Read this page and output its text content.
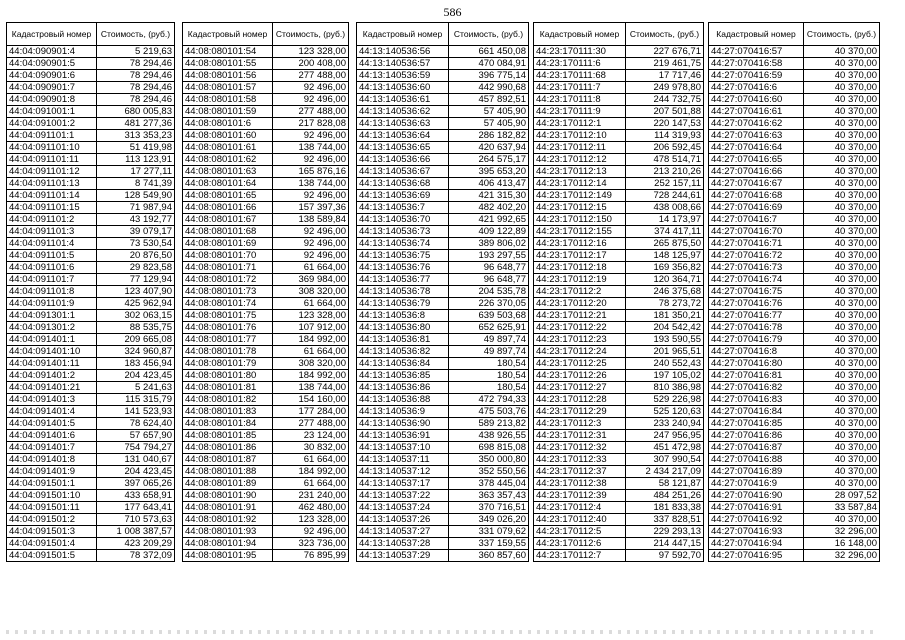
586
Кадастровый номер	Стоимость, (руб.)
44:04:090901:4	5 219,63
44:04:090901:5	78 294,46
44:04:090901:6	78 294,46
44:04:090901:7	78 294,46
44:04:090901:8	78 294,46
44:04:091001:1	680 005,83
44:04:091001:2	481 277,36
44:04:091101:1	313 353,23
44:04:091101:10	51 419,98
44:04:091101:11	113 123,91
44:04:091101:12	17 277,11
44:04:091101:13	8 741,39
44:04:091101:14	128 549,90
44:04:091101:15	71 987,94
44:04:091101:2	43 192,77
44:04:091101:3	39 079,17
44:04:091101:4	73 530,54
44:04:091101:5	20 876,50
44:04:091101:6	29 823,58
44:04:091101:7	77 129,94
44:04:091101:8	123 407,90
44:04:091101:9	425 962,94
44:04:091301:1	302 063,15
44:04:091301:2	88 535,75
44:04:091401:1	209 665,08
44:04:091401:10	324 960,87
44:04:091401:11	183 456,94
44:04:091401:2	204 423,45
44:04:091401:21	5 241,63
44:04:091401:3	115 315,79
44:04:091401:4	141 523,93
44:04:091401:5	78 624,40
44:04:091401:6	57 657,90
44:04:091401:7	754 794,27
44:04:091401:8	131 040,67
44:04:091401:9	204 423,45
44:04:091501:1	397 065,26
44:04:091501:10	433 658,91
44:04:091501:11	177 643,41
44:04:091501:2	710 573,63
44:04:091501:3	1 008 387,57
44:04:091501:4	423 209,29
44:04:091501:5	78 372,09
Кадастровый номер	Стоимость, (руб.)
44:08:080101:54	123 328,00
44:08:080101:55	200 408,00
44:08:080101:56	277 488,00
44:08:080101:57	92 496,00
44:08:080101:58	92 496,00
44:08:080101:59	277 488,00
44:08:080101:6	217 828,08
44:08:080101:60	92 496,00
44:08:080101:61	138 744,00
44:08:080101:62	92 496,00
44:08:080101:63	165 876,16
44:08:080101:64	138 744,00
44:08:080101:65	92 496,00
44:08:080101:66	157 397,36
44:08:080101:67	138 589,84
44:08:080101:68	92 496,00
44:08:080101:69	92 496,00
44:08:080101:70	92 496,00
44:08:080101:71	61 664,00
44:08:080101:72	369 984,00
44:08:080101:73	308 320,00
44:08:080101:74	61 664,00
44:08:080101:75	123 328,00
44:08:080101:76	107 912,00
44:08:080101:77	184 992,00
44:08:080101:78	61 664,00
44:08:080101:79	308 320,00
44:08:080101:80	184 992,00
44:08:080101:81	138 744,00
44:08:080101:82	154 160,00
44:08:080101:83	177 284,00
44:08:080101:84	277 488,00
44:08:080101:85	23 124,00
44:08:080101:86	30 832,00
44:08:080101:87	61 664,00
44:08:080101:88	184 992,00
44:08:080101:89	61 664,00
44:08:080101:90	231 240,00
44:08:080101:91	462 480,00
44:08:080101:92	123 328,00
44:08:080101:93	92 496,00
44:08:080101:94	323 736,00
44:08:080101:95	76 895,99
Кадастровый номер	Стоимость, (руб.)
44:13:140536:56	661 450,08
44:13:140536:57	470 084,91
44:13:140536:59	396 775,14
44:13:140536:60	442 990,68
44:13:140536:61	457 892,51
44:13:140536:62	57 405,90
44:13:140536:63	57 405,90
44:13:140536:64	286 182,82
44:13:140536:65	420 637,94
44:13:140536:66	264 575,17
44:13:140536:67	395 653,20
44:13:140536:68	406 413,47
44:13:140536:69	421 315,30
44:13:140536:7	482 402,20
44:13:140536:70	421 992,65
44:13:140536:73	409 122,89
44:13:140536:74	389 806,02
44:13:140536:75	193 297,55
44:13:140536:76	96 648,77
44:13:140536:77	96 648,77
44:13:140536:78	204 535,78
44:13:140536:79	226 370,05
44:13:140536:8	639 503,68
44:13:140536:80	652 625,91
44:13:140536:81	49 897,74
44:13:140536:82	49 897,74
44:13:140536:84	180,54
44:13:140536:85	180,54
44:13:140536:86	180,54
44:13:140536:88	472 794,33
44:13:140536:9	475 503,76
44:13:140536:90	589 213,82
44:13:140536:91	438 926,55
44:13:140537:10	698 815,08
44:13:140537:11	350 000,80
44:13:140537:12	352 550,56
44:13:140537:17	378 445,04
44:13:140537:22	363 357,43
44:13:140537:24	370 716,51
44:13:140537:26	349 026,20
44:13:140537:27	331 079,62
44:13:140537:28	337 159,55
44:13:140537:29	360 857,60
Кадастровый номер	Стоимость, (руб.)
44:23:170111:30	227 676,71
44:23:170111:6	219 461,75
44:23:170111:68	17 717,46
44:23:170111:7	249 978,80
44:23:170111:8	244 732,75
44:23:170111:9	207 501,88
44:23:170112:1	220 147,53
44:23:170112:10	114 319,93
44:23:170112:11	206 592,45
44:23:170112:12	478 514,71
44:23:170112:13	213 210,26
44:23:170112:14	252 157,11
44:23:170112:149	728 244,61
44:23:170112:15	438 008,66
44:23:170112:150	14 173,97
44:23:170112:155	374 417,11
44:23:170112:16	265 875,50
44:23:170112:17	148 125,97
44:23:170112:18	169 356,82
44:23:170112:19	120 364,71
44:23:170112:2	246 375,68
44:23:170112:20	78 273,72
44:23:170112:21	181 350,21
44:23:170112:22	204 542,42
44:23:170112:23	193 590,55
44:23:170112:24	201 965,51
44:23:170112:25	240 552,43
44:23:170112:26	197 105,02
44:23:170112:27	810 386,98
44:23:170112:28	529 226,98
44:23:170112:29	525 120,63
44:23:170112:3	233 240,94
44:23:170112:31	247 956,95
44:23:170112:32	451 472,98
44:23:170112:33	307 990,54
44:23:170112:37	2 434 217,09
44:23:170112:38	58 121,87
44:23:170112:39	484 251,26
44:23:170112:4	181 833,38
44:23:170112:40	337 828,51
44:23:170112:5	229 293,13
44:23:170112:6	214 447,15
44:23:170112:7	97 592,70
Кадастровый номер	Стоимость, (руб.)
44:27:070416:57	40 370,00
44:27:070416:58	40 370,00
44:27:070416:59	40 370,00
44:27:070416:6	40 370,00
44:27:070416:60	40 370,00
44:27:070416:61	40 370,00
44:27:070416:62	40 370,00
44:27:070416:63	40 370,00
44:27:070416:64	40 370,00
44:27:070416:65	40 370,00
44:27:070416:66	40 370,00
44:27:070416:67	40 370,00
44:27:070416:68	40 370,00
44:27:070416:69	40 370,00
44:27:070416:7	40 370,00
44:27:070416:70	40 370,00
44:27:070416:71	40 370,00
44:27:070416:72	40 370,00
44:27:070416:73	40 370,00
44:27:070416:74	40 370,00
44:27:070416:75	40 370,00
44:27:070416:76	40 370,00
44:27:070416:77	40 370,00
44:27:070416:78	40 370,00
44:27:070416:79	40 370,00
44:27:070416:8	40 370,00
44:27:070416:80	40 370,00
44:27:070416:81	40 370,00
44:27:070416:82	40 370,00
44:27:070416:83	40 370,00
44:27:070416:84	40 370,00
44:27:070416:85	40 370,00
44:27:070416:86	40 370,00
44:27:070416:87	40 370,00
44:27:070416:88	40 370,00
44:27:070416:89	40 370,00
44:27:070416:9	40 370,00
44:27:070416:90	28 097,52
44:27:070416:91	33 587,84
44:27:070416:92	40 370,00
44:27:070416:93	32 296,00
44:27:070416:94	16 148,00
44:27:070416:95	32 296,00
